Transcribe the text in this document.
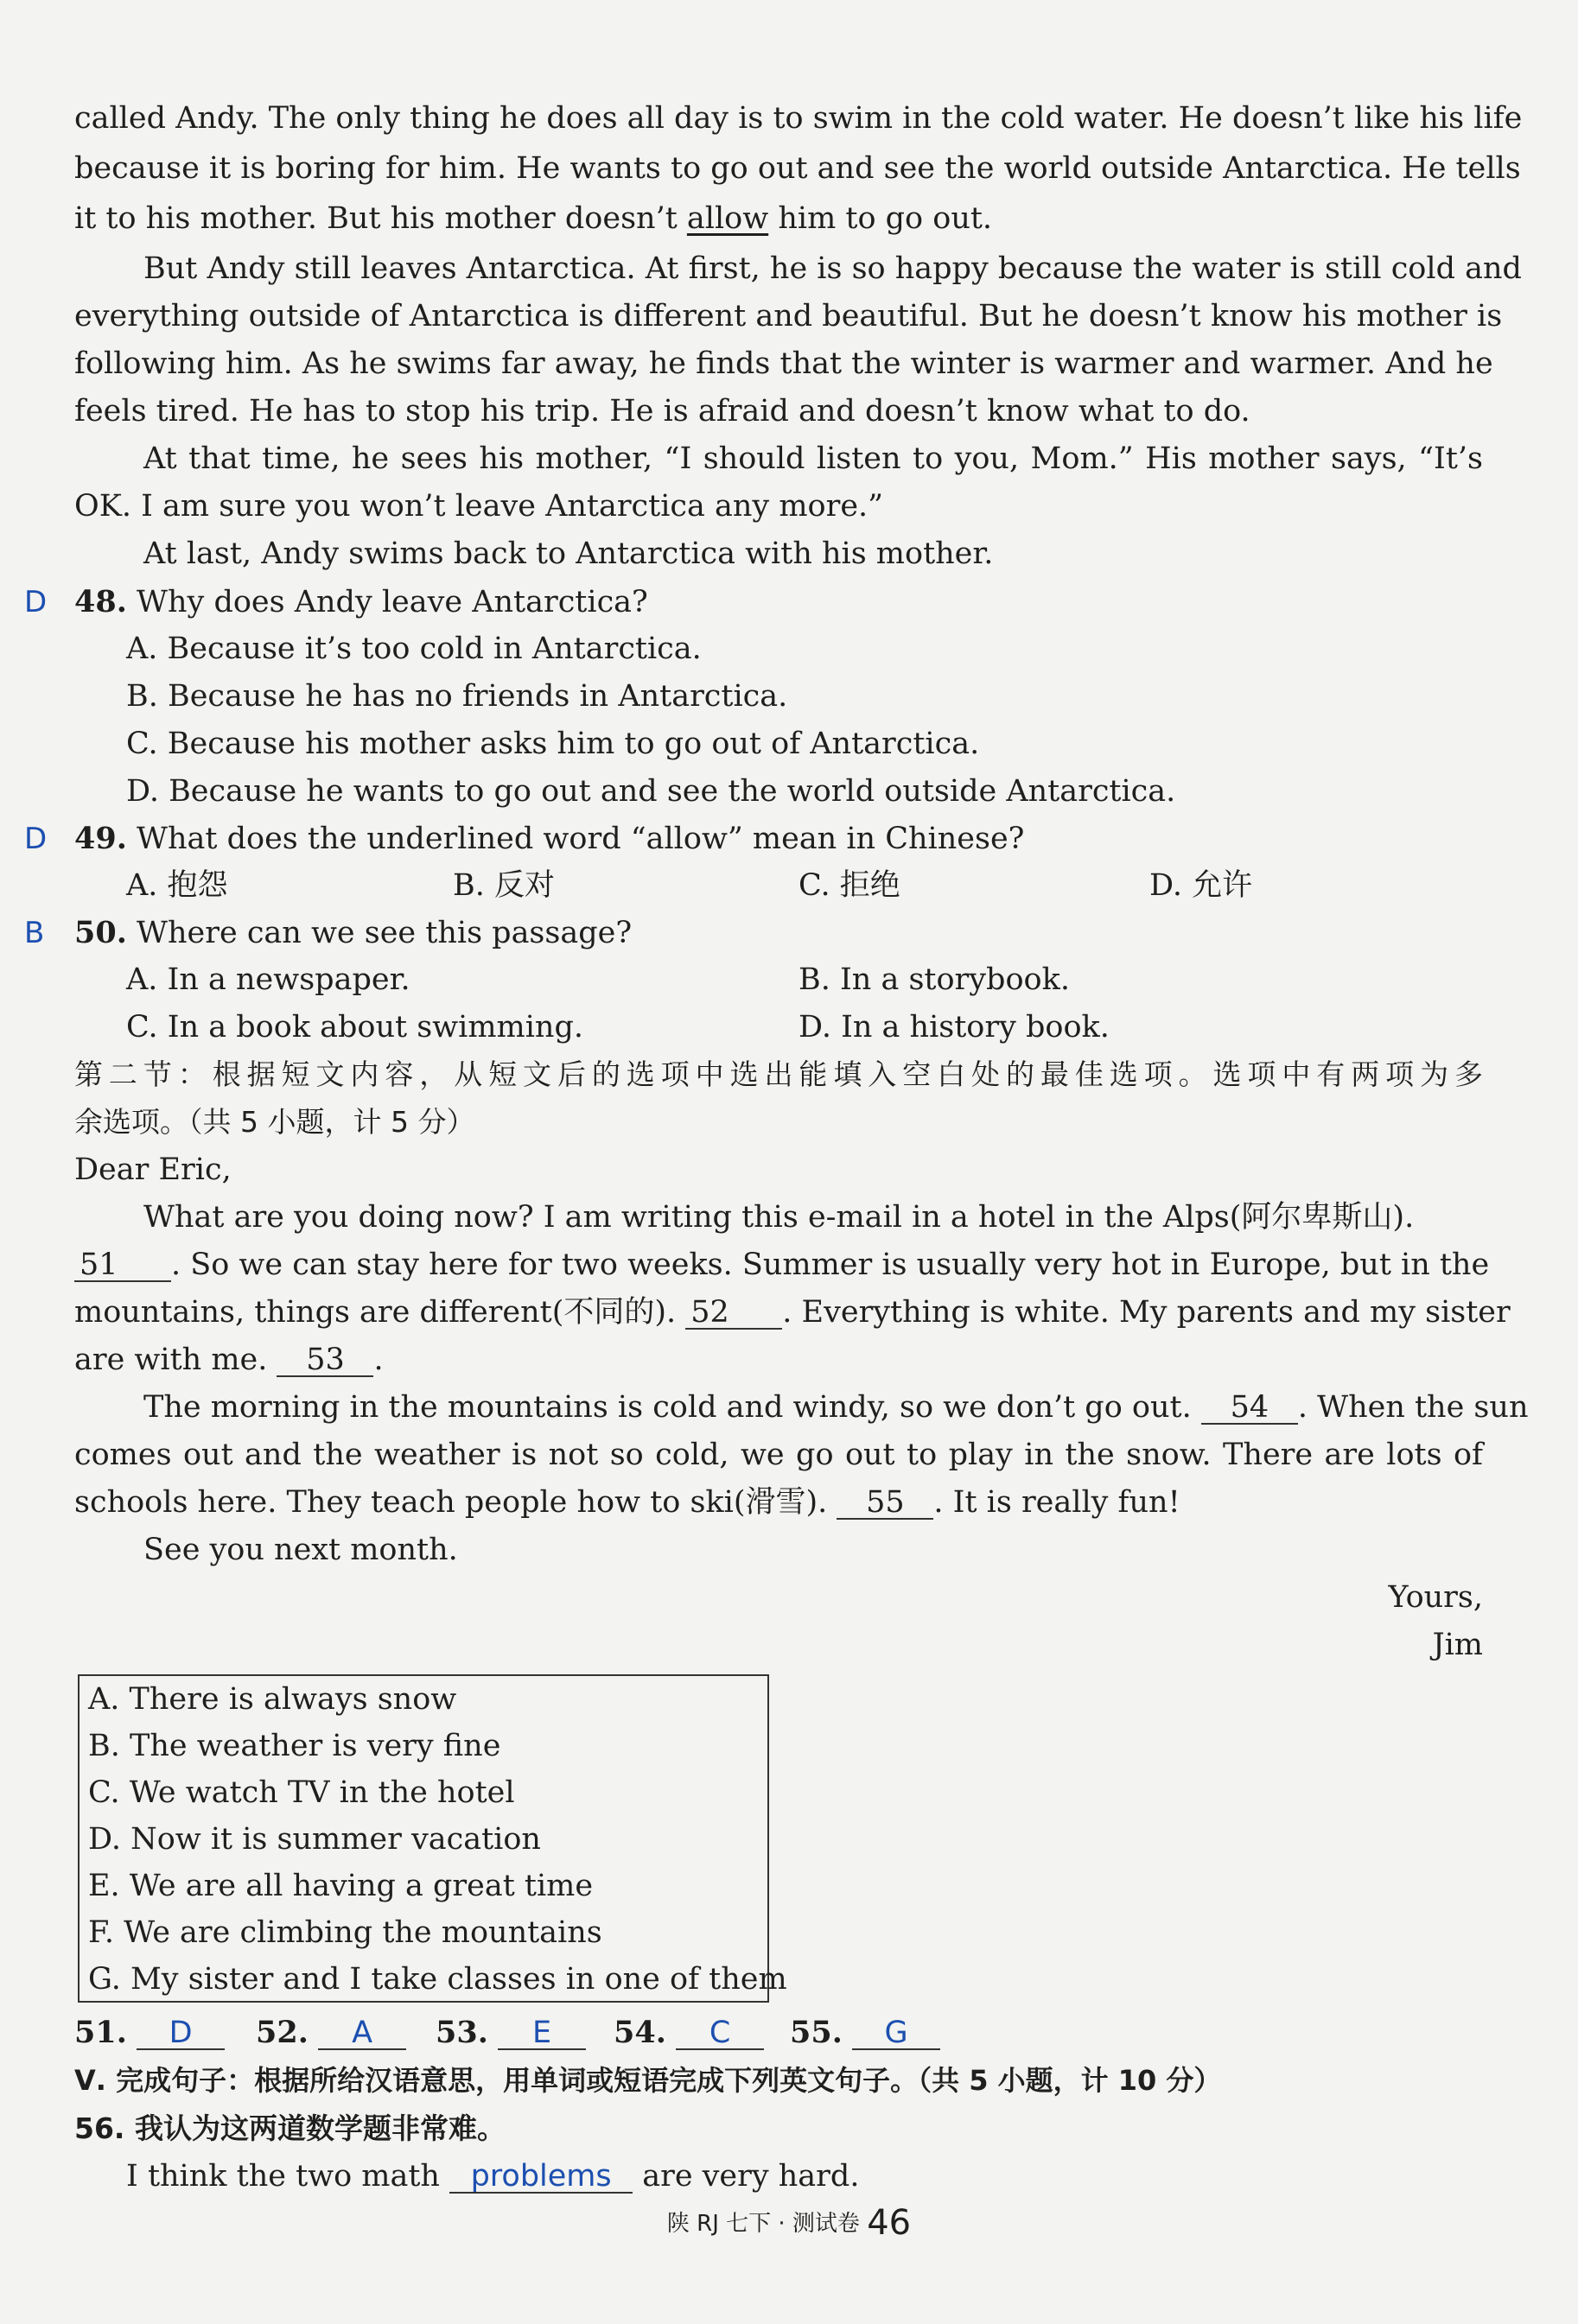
called Andy. The only thing he does all day is to swim in the cold water. He doesn’t like his life
because it is boring for him. He wants to go out and see the world outside Antarctica. He tells
it to his mother. But his mother doesn’t allow him to go out.
But Andy still leaves Antarctica. At first, he is so happy because the water is still cold and
everything outside of Antarctica is different and beautiful. But he doesn’t know his mother is
following him. As he swims far away, he finds that the winter is warmer and warmer. And he
feels tired. He has to stop his trip. He is afraid and doesn’t know what to do.
At that time, he sees his mother, “I should listen to you, Mom.” His mother says, “It’s
OK. I am sure you won’t leave Antarctica any more.”
At last, Andy swims back to Antarctica with his mother.
D 48. Why does Andy leave Antarctica?
A. Because it’s too cold in Antarctica.
B. Because he has no friends in Antarctica.
C. Because his mother asks him to go out of Antarctica.
D. Because he wants to go out and see the world outside Antarctica.
D 49. What does the underlined word “allow” mean in Chinese?
A. 抱怨	B. 反对	C. 拒绝	D. 允许
B 50. Where can we see this passage?
A. In a newspaper.	B. In a storybook.
C. In a book about swimming.	D. In a history book.
第二节：根据短文内容，从短文后的选项中选出能填入空白处的最佳选项。选项中有两项为多
余选项。（共 5 小题，计 5 分）
Dear Eric,
What are you doing now? I am writing this e-mail in a hotel in the Alps(阿尔卑斯山).
51 . So we can stay here for two weeks. Summer is usually very hot in Europe, but in the
mountains, things are different(不同的). 52 . Everything is white. My parents and my sister
are with me. 53 .
The morning in the mountains is cold and windy, so we don’t go out. 54 . When the sun
comes out and the weather is not so cold, we go out to play in the snow. There are lots of
schools here. They teach people how to ski(滑雪). 55 . It is really fun!
See you next month.
Yours,
Jim
A. There is always snow
B. The weather is very fine
C. We watch TV in the hotel
D. Now it is summer vacation
E. We are all having a great time
F. We are climbing the mountains
G. My sister and I take classes in one of them
51. D	52. A	53. E	54. C	55. G
Ⅴ. 完成句子：根据所给汉语意思，用单词或短语完成下列英文句子。（共 5 小题，计 10 分）
56. 我认为这两道数学题非常难。
I think the two math problems are very hard.
陕 RJ 七下 · 测试卷 46
